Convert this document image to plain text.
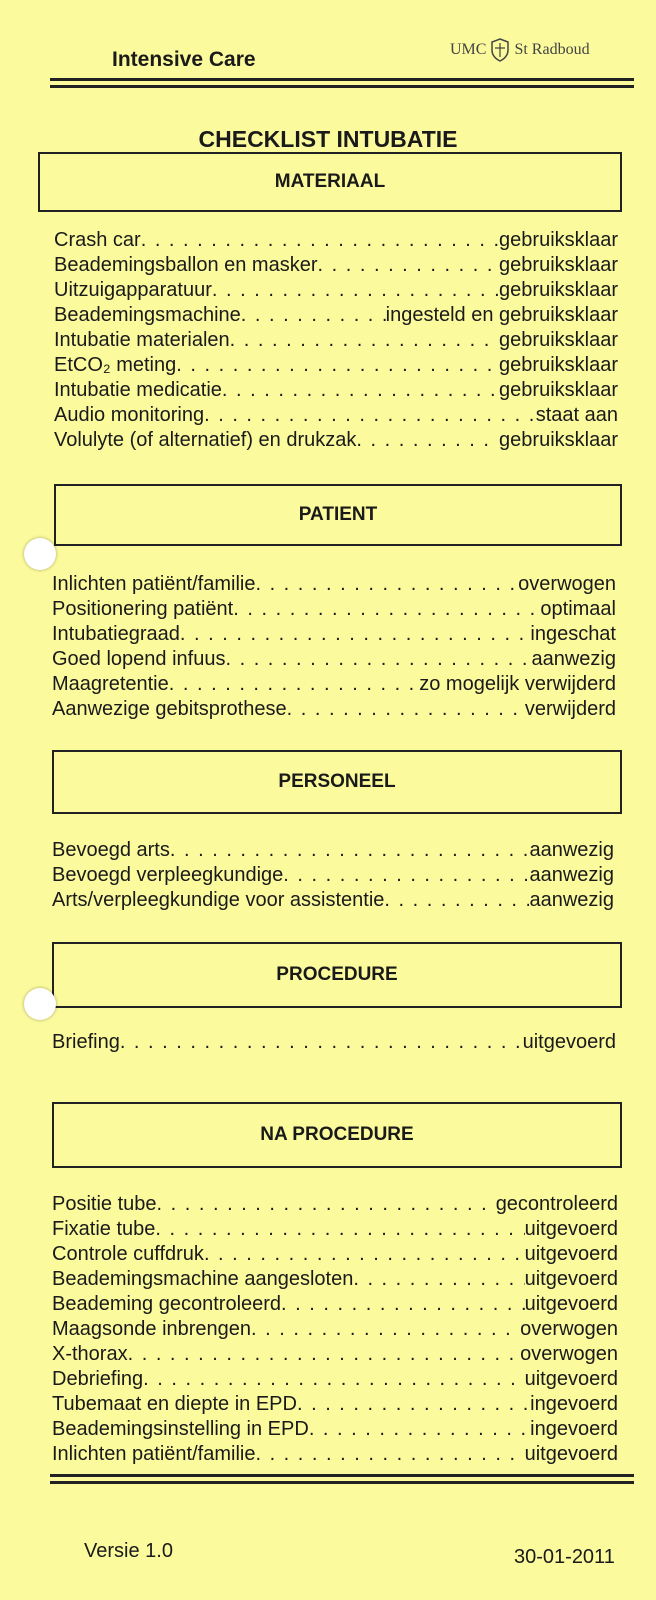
Intensive Care	UMC St Radboud
CHECKLIST INTUBATIE
MATERIAAL
Crash car . . .	gebruiksklaar
Beademingsballon en masker . . .	gebruiksklaar
Uitzuigapparatuur . . .	gebruiksklaar
Beademingsmachine . . .	ingesteld en gebruiksklaar
Intubatie materialen . . .	gebruiksklaar
EtCO₂ meting . . .	gebruiksklaar
Intubatie medicatie . . .	gebruiksklaar
Audio monitoring . . .	staat aan
Volulyte (of alternatief) en drukzak . . .	gebruiksklaar
PATIENT
Inlichten patiënt/familie . . .	overwogen
Positionering patiënt . . .	optimaal
Intubatiegraad . . .	ingeschat
Goed lopend infuus . . .	aanwezig
Maagretentie . . .	zo mogelijk verwijderd
Aanwezige gebitsprothese . . .	verwijderd
PERSONEEL
Bevoegd arts . . .	aanwezig
Bevoegd verpleegkundige . . .	aanwezig
Arts/verpleegkundige voor assistentie . . .	aanwezig
PROCEDURE
Briefing . . .	uitgevoerd
NA PROCEDURE
Positie tube . . .	gecontroleerd
Fixatie tube . . .	uitgevoerd
Controle cuffdruk . . .	uitgevoerd
Beademingsmachine aangesloten . . .	uitgevoerd
Beademing gecontroleerd . . .	uitgevoerd
Maagsonde inbrengen . . .	overwogen
X-thorax . . .	overwogen
Debriefing . . .	uitgevoerd
Tubemaat en diepte in EPD . . .	ingevoerd
Beademingsinstelling in EPD . . .	ingevoerd
Inlichten patiënt/familie . . .	uitgevoerd
Versie 1.0	30-01-2011
